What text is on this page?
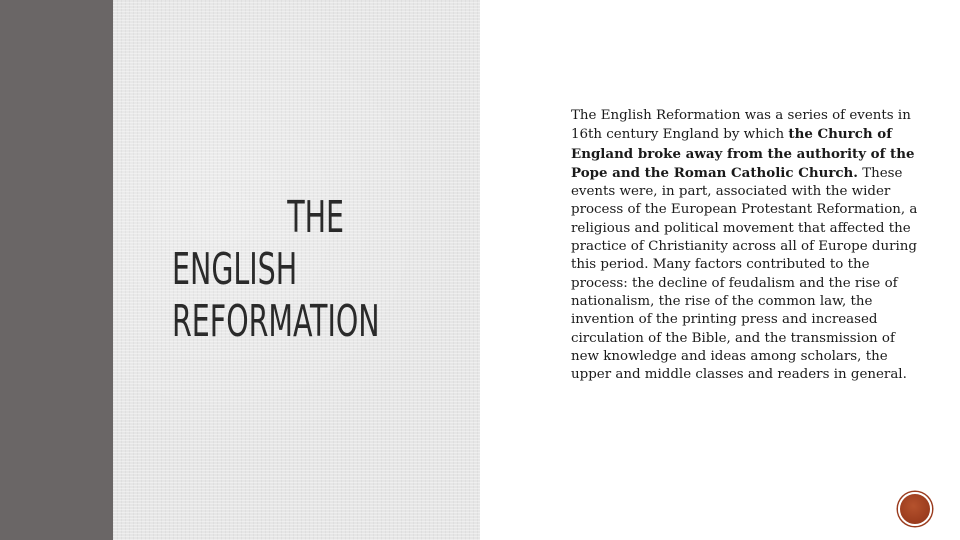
THE
ENGLISH
REFORMATION

The English Reformation was a series of events in 16th century England by which the Church of England broke away from the authority of the Pope and the Roman Catholic Church. These events were, in part, associated with the wider process of the European Protestant Reformation, a religious and political movement that affected the practice of Christianity across all of Europe during this period. Many factors contributed to the process: the decline of feudalism and the rise of nationalism, the rise of the common law, the invention of the printing press and increased circulation of the Bible, and the transmission of new knowledge and ideas among scholars, the upper and middle classes and readers in general.
